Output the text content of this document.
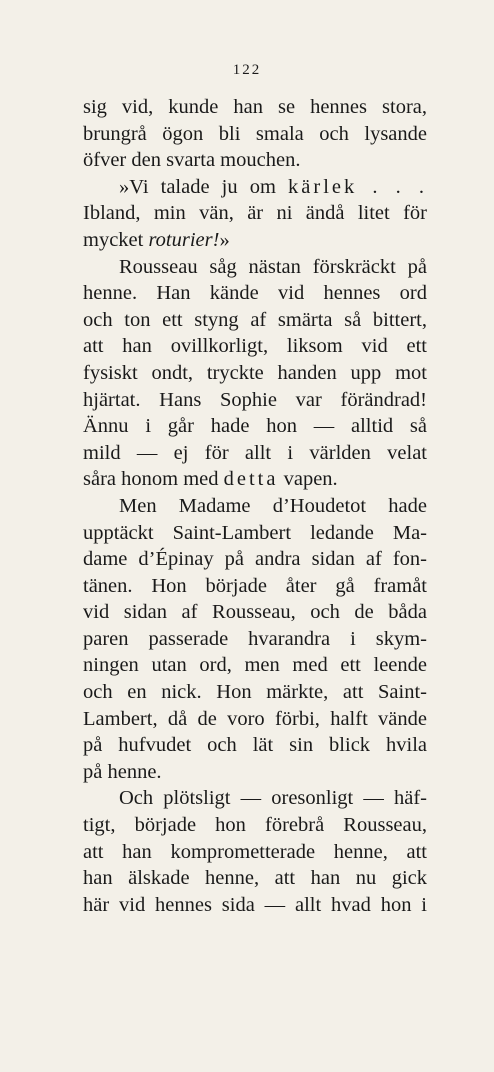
122
sig vid, kunde han se hennes stora,
brungrå ögon bli smala och lysande
öfver den svarta mouchen.
»Vi talade ju om kärlek . . .
Ibland, min vän, är ni ändå litet för
mycket roturier!»
Rousseau såg nästan förskräckt på
henne. Han kände vid hennes ord
och ton ett styng af smärta så bittert,
att han ovillkorligt, liksom vid ett
fysiskt ondt, tryckte handen upp mot
hjärtat. Hans Sophie var förändrad!
Ännu i går hade hon — alltid så
mild — ej för allt i världen velat
såra honom med detta vapen.
Men Madame d’Houdetot hade
upptäckt Saint-Lambert ledande Ma-
dame d’Épinay på andra sidan af fon-
tänen. Hon började åter gå framåt
vid sidan af Rousseau, och de båda
paren passerade hvarandra i skym-
ningen utan ord, men med ett leende
och en nick. Hon märkte, att Saint-
Lambert, då de voro förbi, halft vände
på hufvudet och lät sin blick hvila
på henne.
Och plötsligt — oresonligt — häf-
tigt, började hon förebrå Rousseau,
att han komprometterade henne, att
han älskade henne, att han nu gick
här vid hennes sida — allt hvad hon i
